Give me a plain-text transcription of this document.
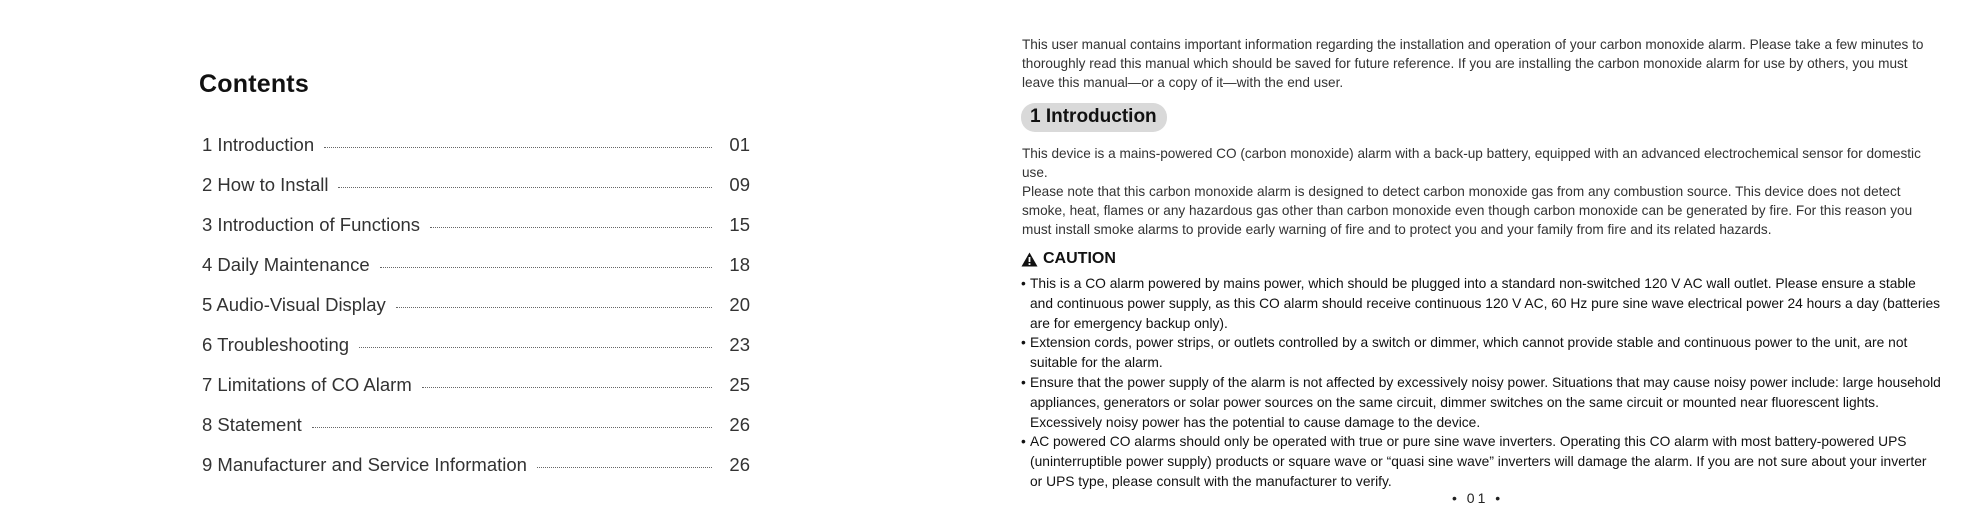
Contents
1 Introduction	01
2 How to Install	09
3 Introduction of Functions	15
4 Daily Maintenance	18
5 Audio-Visual Display	20
6 Troubleshooting	23
7 Limitations of CO Alarm	25
8 Statement	26
9 Manufacturer and Service Information	26
This user manual contains important information regarding the installation and operation of your carbon monoxide alarm. Please take a few minutes to thoroughly read this manual which should be saved for future reference. If you are installing the carbon monoxide alarm for use by others, you must leave this manual—or a copy of it—with the end user.
1 Introduction
This device is a mains-powered CO (carbon monoxide) alarm with a back-up battery, equipped with an advanced electrochemical sensor for domestic use.
Please note that this carbon monoxide alarm is designed to detect carbon monoxide gas from any combustion source. This device does not detect smoke, heat, flames or any hazardous gas other than carbon monoxide even though carbon monoxide can be generated by fire. For this reason you must install smoke alarms to provide early warning of fire and to protect you and your family from fire and its related hazards.
CAUTION
• This is a CO alarm powered by mains power, which should be plugged into a standard non-switched 120 V AC wall outlet. Please ensure a stable and continuous power supply, as this CO alarm should receive continuous 120 V AC, 60 Hz pure sine wave electrical power 24 hours a day (batteries are for emergency backup only).
• Extension cords, power strips, or outlets controlled by a switch or dimmer, which cannot provide stable and continuous power to the unit, are not suitable for the alarm.
• Ensure that the power supply of the alarm is not affected by excessively noisy power. Situations that may cause noisy power include: large household appliances, generators or solar power sources on the same circuit, dimmer switches on the same circuit or mounted near fluorescent lights. Excessively noisy power has the potential to cause damage to the device.
• AC powered CO alarms should only be operated with true or pure sine wave inverters. Operating this CO alarm with most battery-powered UPS (uninterruptible power supply) products or square wave or “quasi sine wave” inverters will damage the alarm. If you are not sure about your inverter or UPS type, please consult with the manufacturer to verify.
• 01 •
